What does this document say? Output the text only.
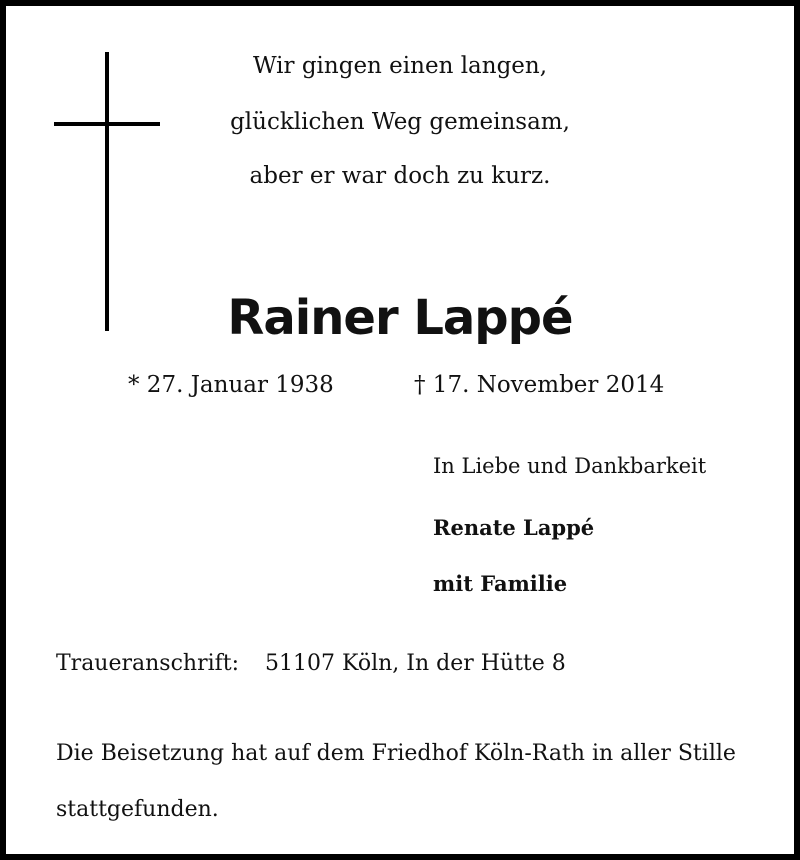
Wir gingen einen langen,
glücklichen Weg gemeinsam,
aber er war doch zu kurz.
Rainer Lappé
* 27. Januar 1938	† 17. November 2014
In Liebe und Dankbarkeit
Renate Lappé
mit Familie
Traueranschrift: 51107 Köln, In der Hütte 8
Die Beisetzung hat auf dem Friedhof Köln-Rath in aller Stille stattgefunden.
